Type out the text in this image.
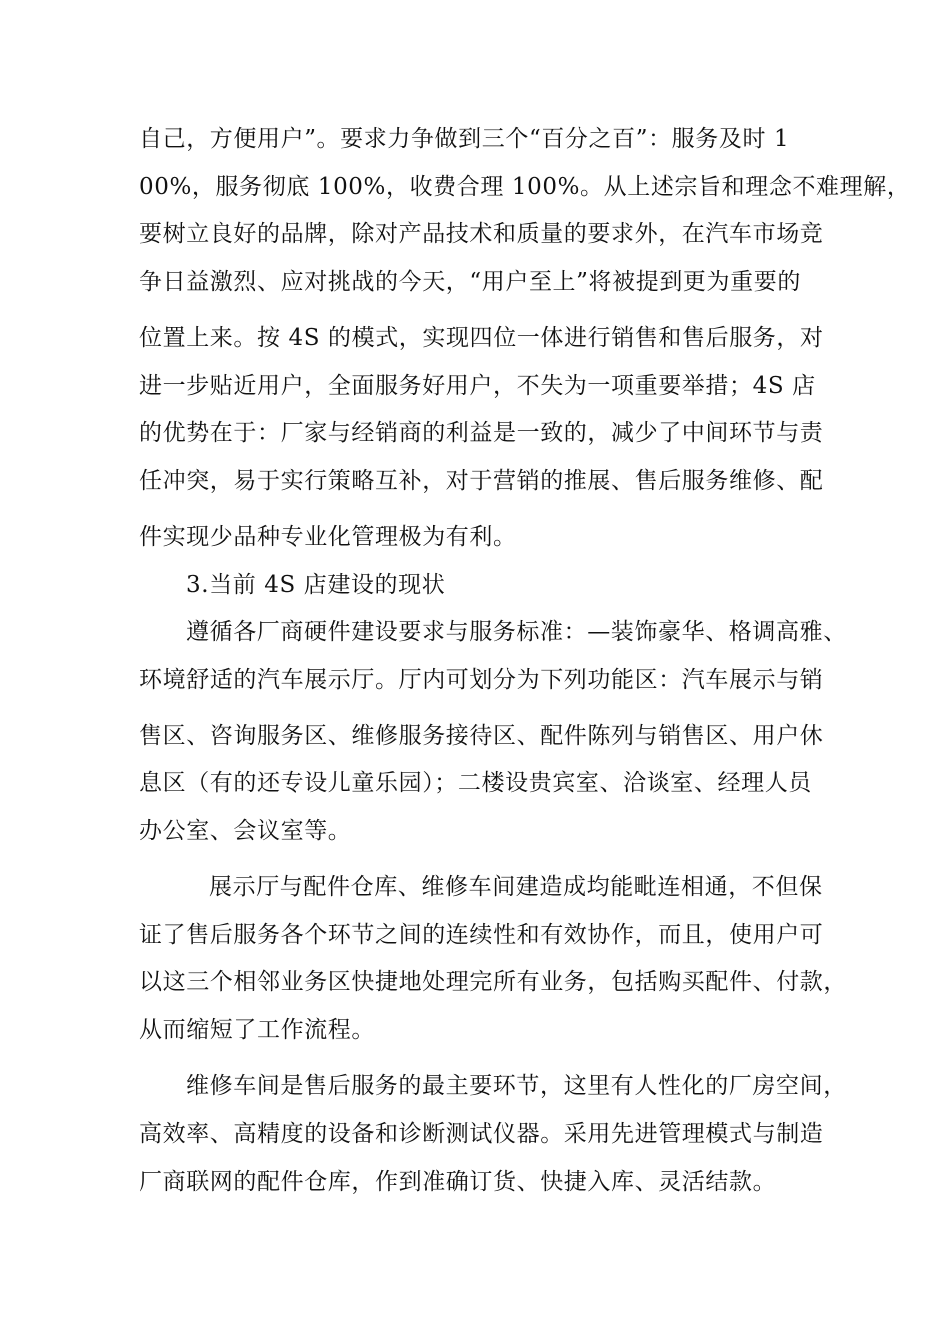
自己，方便用户”。要求力争做到三个“百分之百”：服务及时 1
00%，服务彻底 100%，收费合理 100%。从上述宗旨和理念不难理解，
要树立良好的品牌，除对产品技术和质量的要求外，在汽车市场竞
争日益激烈、应对挑战的今天，“用户至上”将被提到更为重要的
位置上来。按 4S 的模式，实现四位一体进行销售和售后服务，对
进一步贴近用户，全面服务好用户，不失为一项重要举措；4S 店
的优势在于：厂家与经销商的利益是一致的，减少了中间环节与责
任冲突，易于实行策略互补，对于营销的推展、售后服务维修、配
件实现少品种专业化管理极为有利。
3.当前 4S 店建设的现状
遵循各厂商硬件建设要求与服务标准：—装饰豪华、格调高雅、
环境舒适的汽车展示厅。厅内可划分为下列功能区：汽车展示与销
售区、咨询服务区、维修服务接待区、配件陈列与销售区、用户休
息区（有的还专设儿童乐园）；二楼设贵宾室、洽谈室、经理人员
办公室、会议室等。
展示厅与配件仓库、维修车间建造成均能毗连相通，不但保
证了售后服务各个环节之间的连续性和有效协作，而且，使用户可
以这三个相邻业务区快捷地处理完所有业务，包括购买配件、付款，
从而缩短了工作流程。
维修车间是售后服务的最主要环节，这里有人性化的厂房空间，
高效率、高精度的设备和诊断测试仪器。采用先进管理模式与制造
厂商联网的配件仓库，作到准确订货、快捷入库、灵活结款。
